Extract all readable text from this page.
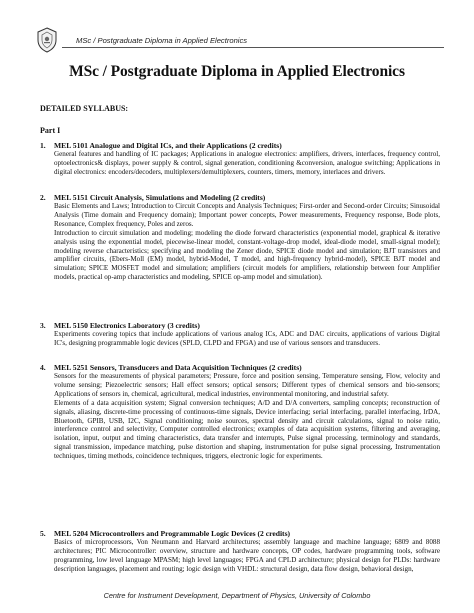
MSc / Postgraduate Diploma in Applied Electronics
MSc / Postgraduate Diploma in Applied Electronics
DETAILED SYLLABUS:
Part I
1. MEL 5101 Analogue and Digital ICs, and their Applications (2 credits)

General features and handling of IC packages; Applications in analogue electronics: amplifiers, drivers, interfaces, frequency control, optoelectronics& displays, power supply & control, signal generation, conditioning &conversion, analogue switching; Applications in digital electronics: encoders/decoders, multiplexers/demultiplexers, counters, timers, memory, interlaces and drivers.

2. MEL 5151 Circuit Analysis, Simulations and Modeling (2 credits)

Basic Elements and Laws; Introduction to Circuit Concepts and Analysis Techniques; First-order and Second-order Circuits; Sinusoidal Analysis (Time domain and Frequency domain); Important power concepts, Power measurements, Frequency response, Bode plots, Resonance, Complex frequency, Poles and zeros.

Introduction to circuit simulation and modeling; modeling the diode forward characteristics (exponential model, graphical & iterative analysis using the exponential model, piecewise-linear model, constant-voltage-drop model, ideal-diode model, small-signal model); modeling reverse characteristics; specifying and modeling the Zener diode, SPICE diode model and simulation; BJT transistors and amplifier circuits, (Ebers-Moll (EM) model, hybrid-Model, T model, and high-frequency hybrid-model), SPICE BJT model and simulation; SPICE MOSFET model and simulation; amplifiers (circuit models for amplifiers, relationship between four Amplifier models, practical op-amp characteristics and modeling, SPICE op-amp model and simulation).

3. MEL 5150 Electronics Laboratory (3 credits)

Experiments covering topics that include applications of various analog ICs, ADC and DAC circuits, applications of various Digital IC's, designing programmable logic devices (SPLD, CLPD and FPGA) and use of various sensors and transducers.

4. MEL 5251 Sensors, Transducers and Data Acquisition Techniques (2 credits)

Sensors for the measurements of physical parameters; Pressure, force and position sensing, Temperature sensing, Flow, velocity and volume sensing; Piezoelectric sensors; Hall effect sensors; optical sensors; Different types of chemical sensors and bio-sensors; Applications of sensors in, chemical, agricultural, medical industries, environmental monitoring, and industrial safety.

Elements of a data acquisition system; Signal conversion techniques; A/D and D/A converters, sampling concepts; reconstruction of signals, aliasing, discrete-time processing of continuous-time signals, Device interfacing; serial interfacing, parallel interfacing, IrDA, Bluetooth, GPIB, USB, I2C, Signal conditioning; noise sources, spectral density and circuit calculations, signal to noise ratio, interference control and selectivity, Computer controlled electronics; examples of data acquisition systems, filtering and averaging, isolation, input, output and timing characteristics, data transfer and interrupts, Pulse signal processing, terminology and standards, signal transmission, impedance matching, pulse distortion and shaping, instrumentation for pulse signal processing, Instrumentation techniques, timing methods, coincidence techniques, triggers, electronic logic for experiments.

5. MEL 5204 Microcontrollers and Programmable Logic Devices (2 credits)

Basics of microprocessors, Von Neumann and Harvard architectures; assembly language and machine language; 6809 and 8088 architectures; PIC Microcontroller: overview, structure and hardware concepts, OP codes, hardware programming tools, software programming, low level language MPASM; high level languages; FPGA and CPLD architecture; physical design for PLDs: hardware description languages, placement and routing; logic design with VHDL: structural design, data flow design, behavioral design,

Centre for Instrument Development, Department of Physics, University of Colombo
